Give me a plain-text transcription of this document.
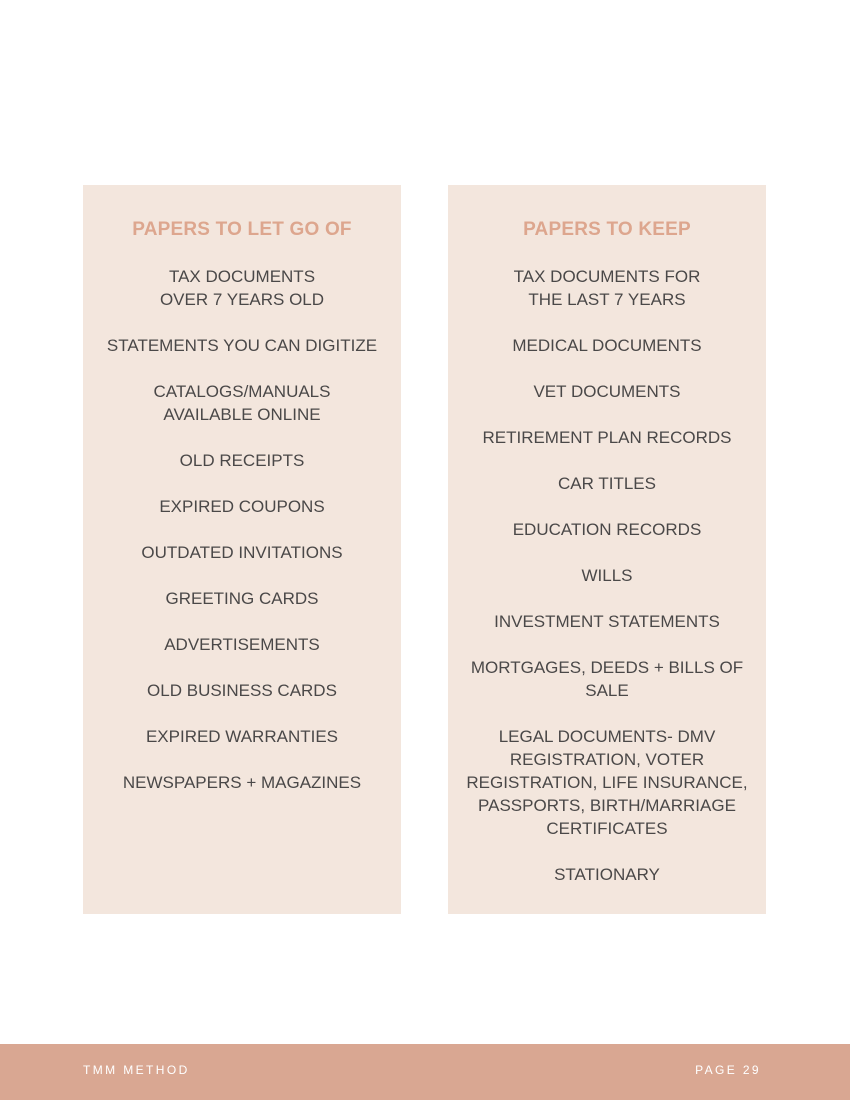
PAPERS TO LET GO OF
TAX DOCUMENTS
OVER 7 YEARS OLD
STATEMENTS YOU CAN DIGITIZE
CATALOGS/MANUALS
AVAILABLE ONLINE
OLD RECEIPTS
EXPIRED COUPONS
OUTDATED INVITATIONS
GREETING CARDS
ADVERTISEMENTS
OLD BUSINESS CARDS
EXPIRED WARRANTIES
NEWSPAPERS + MAGAZINES
PAPERS TO KEEP
TAX DOCUMENTS FOR
THE LAST 7 YEARS
MEDICAL DOCUMENTS
VET DOCUMENTS
RETIREMENT PLAN RECORDS
CAR TITLES
EDUCATION RECORDS
WILLS
INVESTMENT STATEMENTS
MORTGAGES, DEEDS + BILLS OF
SALE
LEGAL DOCUMENTS- DMV
REGISTRATION, VOTER
REGISTRATION, LIFE INSURANCE,
PASSPORTS, BIRTH/MARRIAGE
CERTIFICATES
STATIONARY
TMM METHOD	PAGE 29
